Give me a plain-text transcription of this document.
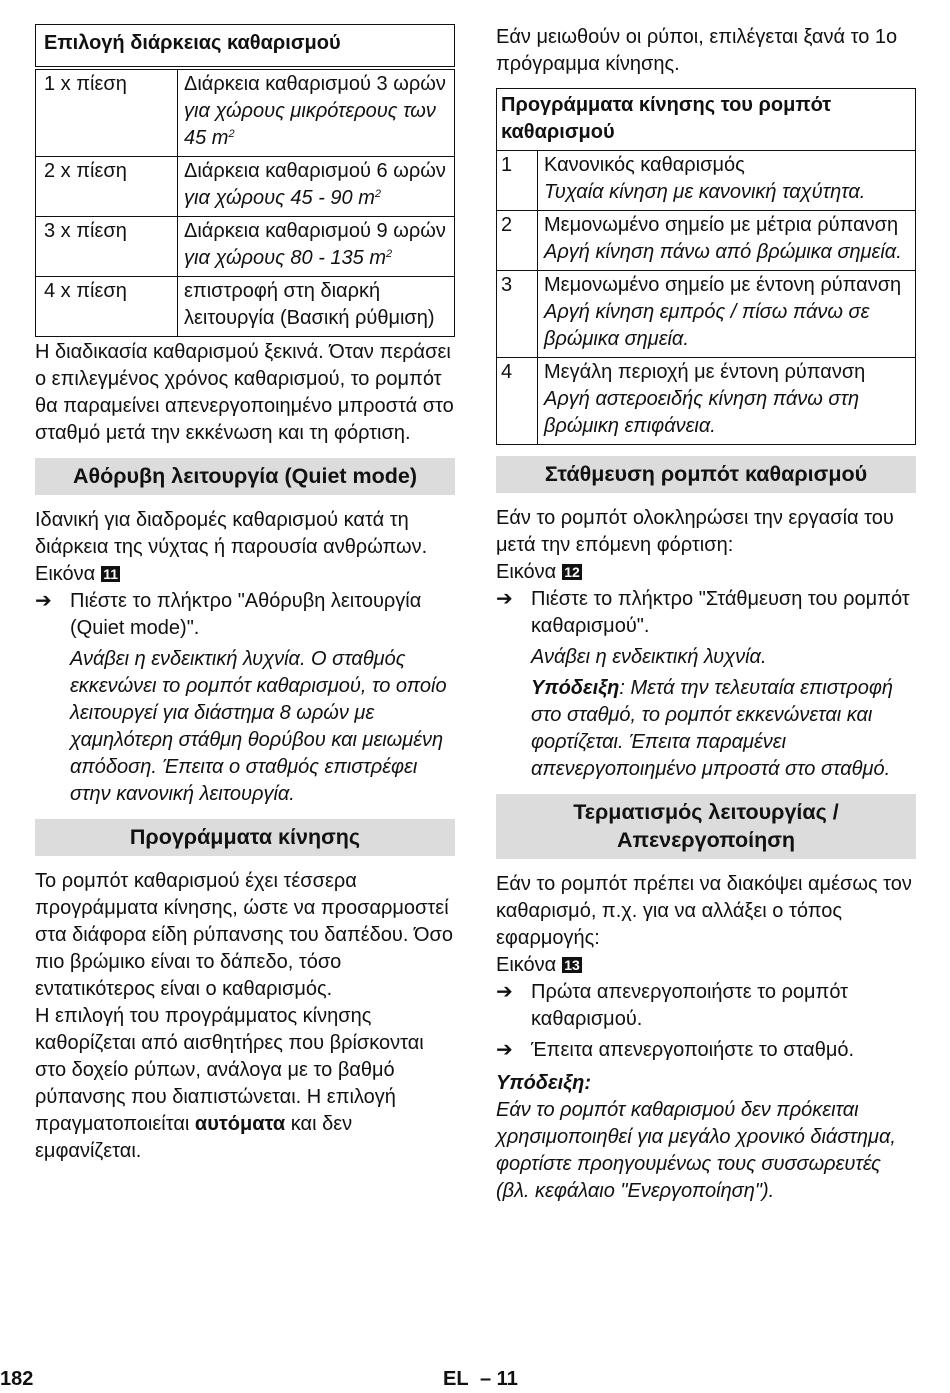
Επιλογή διάρκειας καθαρισμού	
1 x πίεση	Διάρκεια καθαρισμού 3 ωρών
για χώρους μικρότερους των 45 $m^2$

2 x πίεση	Διάρκεια καθαρισμού 6 ωρών
για χώρους 45 - 90 $m^2$

3 x πίεση	Διάρκεια καθαρισμού 9 ωρών
για χώρους 80 - 135 $m^2$

4 x πίεση	επιστροφή στη διαρκή λειτουργία (Βασική ρύθμιση)

Η διαδικασία καθαρισμού ξεκινά. Όταν περάσει ο επιλεγμένος χρόνος καθαρισμού, το ρομπότ θα παραμείνει απενεργοποιημένο μπροστά στο σταθμό μετά την εκκένωση και τη φόρτιση.

Αθόρυβη λειτουργία (Quiet mode)

Ιδανική για διαδρομές καθαρισμού κατά τη διάρκεια της νύχτας ή παρουσία ανθρώπων.

Εικόνα 11

➔ Πιέστε το πλήκτρο "Αθόρυβη λειτουργία (Quiet mode)".

Ανάβει η ενδεικτική λυχνία. Ο σταθμός εκκενώνει το ρομπότ καθαρισμού, το οποίο λειτουργεί για διάστημα 8 ωρών με χαμηλότερη στάθμη θορύβου και μειωμένη απόδοση. Έπειτα ο σταθμός επιστρέφει στην κανονική λειτουργία.

Προγράμματα κίνησης

Το ρομπότ καθαρισμού έχει τέσσερα προγράμματα κίνησης, ώστε να προσαρμοστεί στα διάφορα είδη ρύπανσης του δαπέδου. Όσο πιο βρώμικο είναι το δάπεδο, τόσο εντατικότερος είναι ο καθαρισμός.

Η επιλογή του προγράμματος κίνησης καθορίζεται από αισθητήρες που βρίσκονται στο δοχείο ρύπων, ανάλογα με το βαθμό ρύπανσης που διαπιστώνεται. Η επιλογή πραγματοποιείται αυτόματα και δεν εμφανίζεται.

Εάν μειωθούν οι ρύποι, επιλέγεται ξανά το 1ο πρόγραμμα κίνησης.

Προγράμματα κίνησης του ρομπότ καθαρισμού	
1	Κανονικός καθαρισμός
Τυχαία κίνηση με κανονική ταχύτητα.

2	Μεμονωμένο σημείο με μέτρια ρύπανση
Αργή κίνηση πάνω από βρώμικα σημεία.

3	Μεμονωμένο σημείο με έντονη ρύπανση
Αργή κίνηση εμπρός / πίσω πάνω σε βρώμικα σημεία.

4	Μεγάλη περιοχή με έντονη ρύπανση
Αργή αστεροειδής κίνηση πάνω στη βρώμικη επιφάνεια.
Στάθμευση ρομπότ καθαρισμού

Εάν το ρομπότ ολοκληρώσει την εργασία του μετά την επόμενη φόρτιση:

Εικόνα 12

➔ Πιέστε το πλήκτρο "Στάθμευση του ρομπότ καθαρισμού".

Ανάβει η ενδεικτική λυχνία.

Υπόδειξη: Μετά την τελευταία επιστροφή στο σταθμό, το ρομπότ εκκενώνεται και φορτίζεται. Έπειτα παραμένει απενεργοποιημένο μπροστά στο σταθμό.

Τερματισμός λειτουργίας / Απενεργοποίηση

Εάν το ρομπότ πρέπει να διακόψει αμέσως τον καθαρισμό, π.χ. για να αλλάξει ο τόπος εφαρμογής:

Εικόνα 13

➔ Πρώτα απενεργοποιήστε το ρομπότ καθαρισμού.

➔ Έπειτα απενεργοποιήστε το σταθμό.

Υπόδειξη:

Εάν το ρομπότ καθαρισμού δεν πρόκειται χρησιμοποιηθεί για μεγάλο χρονικό διάστημα, φορτίστε προηγουμένως τους συσσωρευτές (βλ. κεφάλαιο "Ενεργοποίηση").

182	EL – 11
